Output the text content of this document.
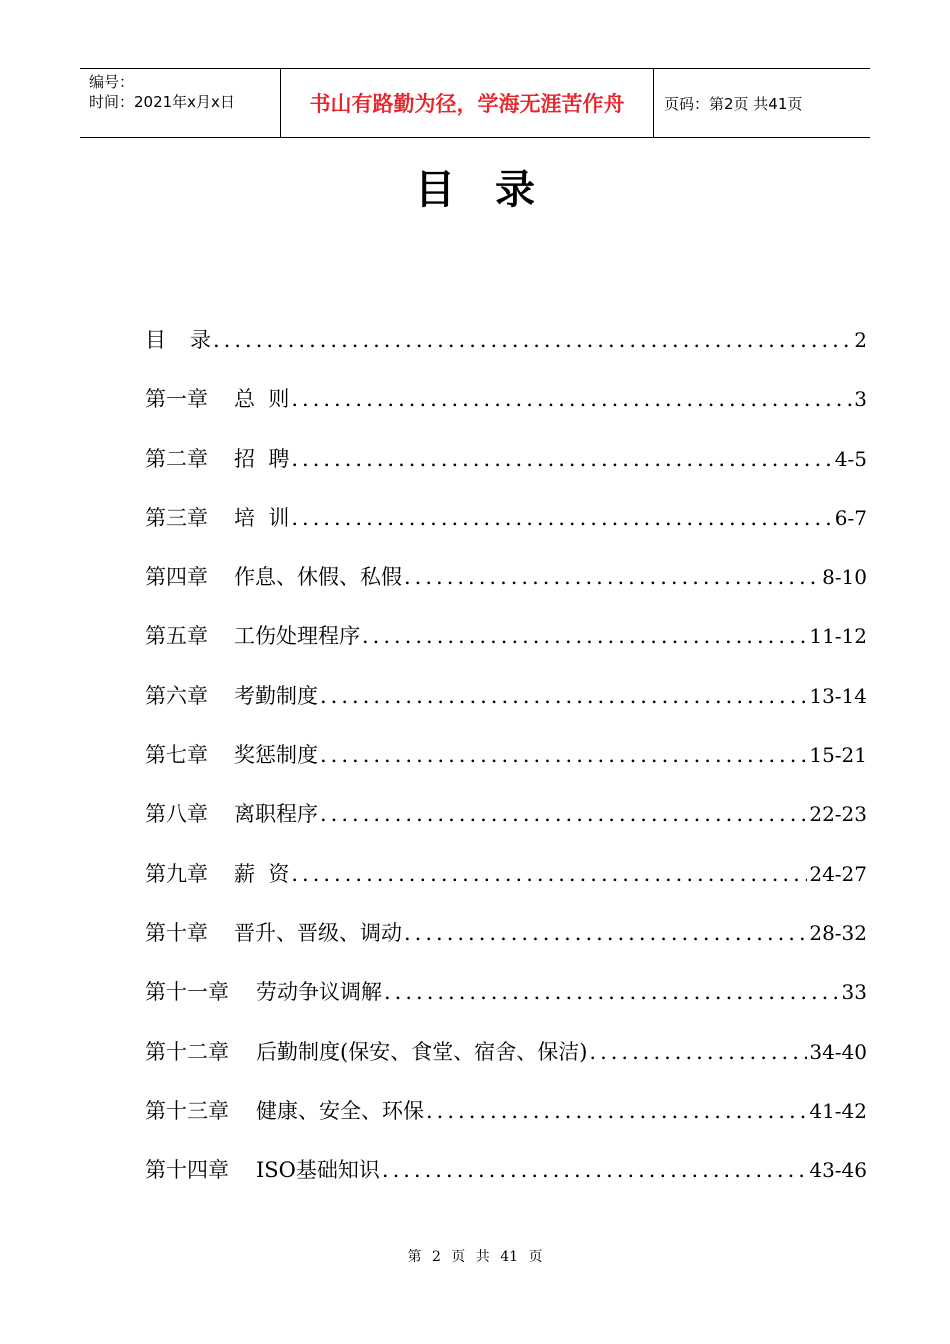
编号：
时间：2021年x月x日	书山有路勤为径，学海无涯苦作舟	页码：第2页 共41页
目录
目	录 .....	2
第一章	总  则 .....	3
第二章	招  聘 .....	4-5
第三章	培  训 .....	6-7
第四章	作息、休假、私假 .....	8-10
第五章	工伤处理程序 .....	11-12
第六章	考勤制度 .....	13-14
第七章	奖惩制度 .....	15-21
第八章	离职程序 .....	22-23
第九章	薪  资 .....	24-27
第十章	晋升、晋级、调动 .....	28-32
第十一章	劳动争议调解 .....	33
第十二章	后勤制度(保安、食堂、宿舍、保洁) .....	34-40
第十三章	健康、安全、环保 .....	41-42
第十四章	ISO基础知识 .....	43-46
第 2 页 共 41 页
